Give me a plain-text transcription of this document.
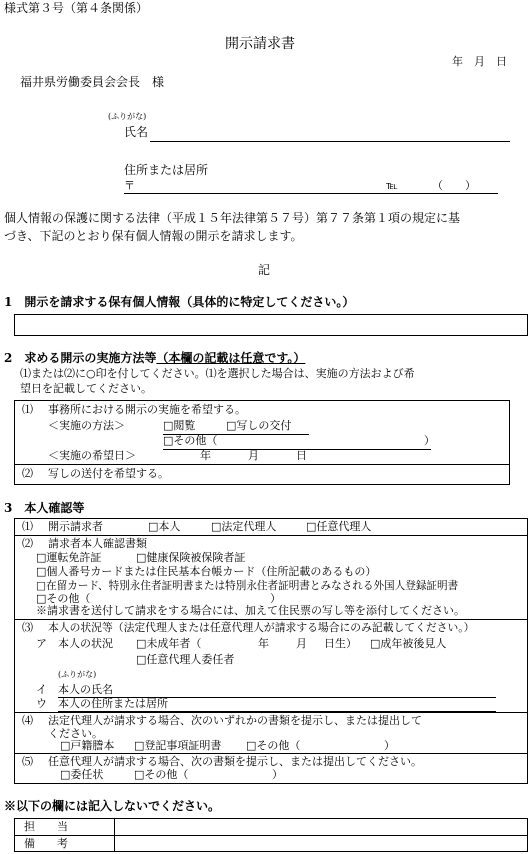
様式第３号（第４条関係）
開示請求書
年　月　日
福井県労働委員会会長　様
(ふりがな)
氏名
住所または居所
〒	℡	（　　）
個人情報の保護に関する法律（平成１５年法律第５７号）第７７条第１項の規定に基
づき、下記のとおり保有個人情報の開示を請求します。
記
1　開示を請求する保有個人情報（具体的に特定してください。）
2　求める開示の実施方法等（本欄の記載は任意です。）
⑴または⑵に○印を付してください。⑴を選択した場合は、実施の方法および希
望日を記載してください。
⑴ 事務所における開示の実施を希望する。
＜実施の方法＞	□閲覧	□写しの交付
□その他（	）
＜実施の希望日＞	年	月	日
⑵ 写しの送付を希望する。
3　本人確認等
⑴ 開示請求者	□本人	□法定代理人	□任意代理人
⑵ 請求者本人確認書類
□運転免許証	□健康保険被保険者証
□個人番号カードまたは住民基本台帳カード（住所記載のあるもの）
□在留カード、特別永住者証明書または特別永住者証明書とみなされる外国人登録証明書
□その他（	）
※請求書を送付して請求をする場合には、加えて住民票の写し等を添付してください。
⑶ 本人の状況等（法定代理人または任意代理人が請求する場合にのみ記載してください。）
ア　本人の状況 □未成年者（	年 月 日生） □成年被後見人
□任意代理人委任者
(ふりがな)
イ　本人の氏名
ウ　本人の住所または居所
⑷ 法定代理人が請求する場合、次のいずれかの書類を提示し、または提出して
ください。
□戸籍謄本 □登記事項証明書 □その他（	）
⑸ 任意代理人が請求する場合、次の書類を提示し、または提出してください。
□委任状	□その他（	）
※以下の欄には記入しないでください。
担　　当
備　　考
